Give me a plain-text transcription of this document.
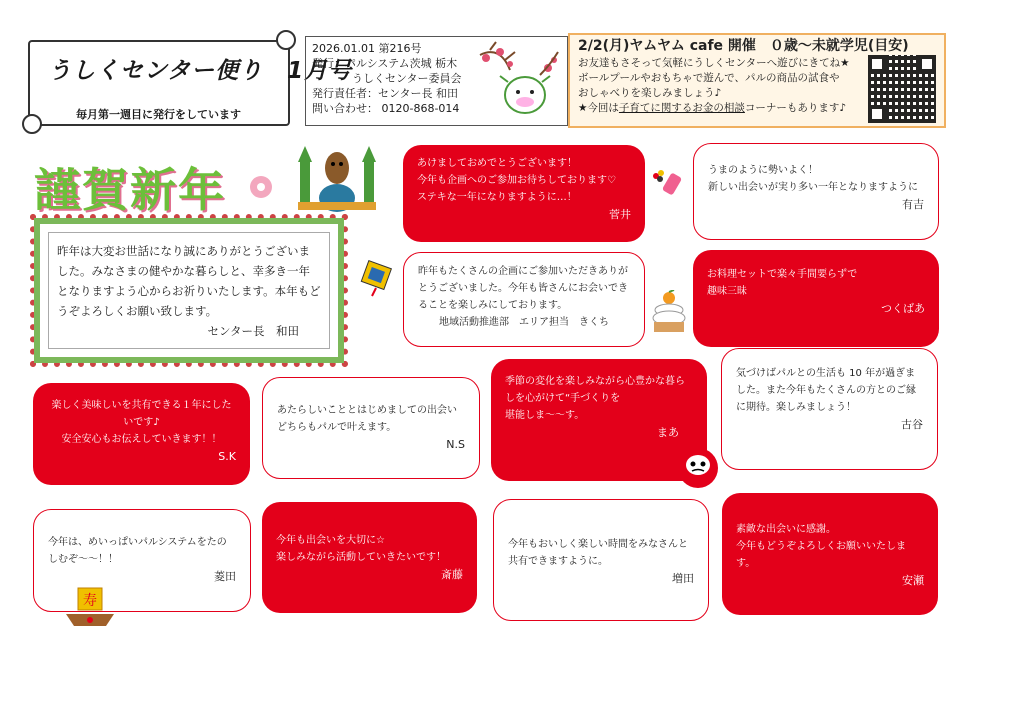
うしくセンター便り　1月号
毎月第一週目に発行をしています
2026.01.01 第216号
発行：パルシステム茨城 栃木
うしくセンター委員会
発行責任者：センター長 和田
問い合わせ： 0120-868-014
2/2(月)ヤムヤム cafe 開催　０歳～未就学児(目安)
お友達もさそって気軽にうしくセンターへ遊びにきてね★
ボールプールやおもちゃで遊んで、パルの商品の試食や
おしゃべりを楽しみましょう♪
★今回は子育てに関するお金の相談コーナーもあります♪
謹賀新年
昨年は大変お世話になり誠にありがとうございました。みなさまの健やかな暮らしと、幸多き一年となりますよう心からお祈りいたします。本年もどうぞよろしくお願い致します。
センター長　和田
あけましておめでとうございます！
今年も企画へのご参加お待ちしております♡
ステキな一年になりますように…！
菅井
うまのように勢いよく！
新しい出会いが実り多い一年となりますように
有吉
昨年もたくさんの企画にご参加いただきありがとうございました。今年も皆さんにお会いできることを楽しみにしております。
地域活動推進部　エリア担当　きくち
お料理セットで楽々手間要らずで
趣味三昧
つくばあ
楽しく美味しいを共有できる１年にしたいです♪
安全安心もお伝えしていきます！！
S.K
あたらしいこととはじめましての出会い
どちらもパルで叶えます。
N.S
季節の変化を楽しみながら心豊かな暮らしを心がけて“手づくりを
堪能しま～～す。
まあ
気づけばパルとの生活も 10 年が過ぎました。また今年もたくさんの方とのご縁に期待。楽しみましょう！
古谷
今年は、めいっぱいパルシステムをたのしむぞ～～！！
菱田
寿
今年も出会いを大切に☆
楽しみながら活動していきたいです！
斎藤
今年もおいしく楽しい時間をみなさんと共有できますように。
増田
素敵な出会いに感謝。
今年もどうぞよろしくお願いいたします。
安瀬
